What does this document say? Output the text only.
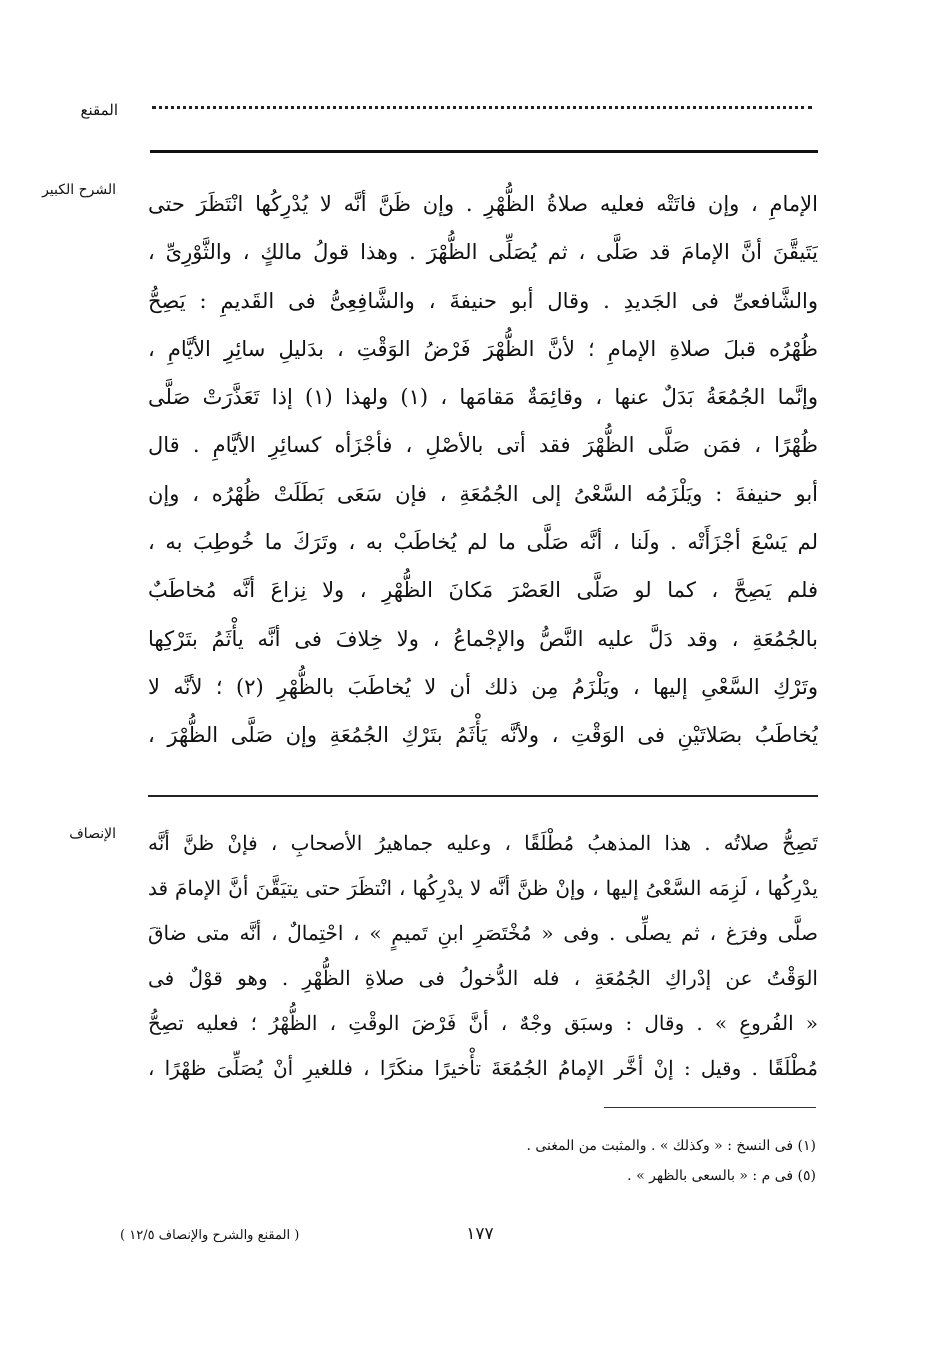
المقنع
الشرح الكبير
الإمامِ ، وإن فاتَتْه فعليه صلاةُ الظُّهْرِ . وإن ظَنَّ أنَّه لا يُدْرِكُها انْتَظَرَ حتى
يَتَيقَّنَ أنَّ الإمامَ قد صَلَّى ، ثم يُصَلِّى الظُّهْرَ . وهذا قولُ مالكٍ ، والثَّوْرِىِّ ،
والشَّافعىِّ فى الجَديدِ . وقال أبو حنيفةَ ، والشَّافِعِىُّ فى القَديمِ : يَصِحُّ
ظُهْرُه قبلَ صلاةِ الإمامِ ؛ لأنَّ الظُّهْرَ فَرْضُ الوَقْتِ ، بدَليلِ سائِرِ الأيَّامِ ،
وإنَّما الجُمُعَةُ بَدَلٌ عنها ، وقائِمَةٌ مَقامَها ، (١) ولهذا (١) إذا تَعَذَّرَتْ صَلَّى
ظُهْرًا ، فمَن صَلَّى الظُّهْرَ فقد أتى بالأصْلِ ، فأجْزَأه كسائِرِ الأيَّامِ . قال
أبو حنيفةَ : ويَلْزَمُه السَّعْىُ إلى الجُمُعَةِ ، فإن سَعَى بَطَلَتْ ظُهْرُه ، وإن
لم يَسْعَ أجْزَأَتْه . ولَنا ، أنَّه صَلَّى ما لم يُخاطَبْ به ، وتَرَكَ ما خُوطِبَ به ،
فلم يَصِحَّ ، كما لو صَلَّى العَصْرَ مَكانَ الظُّهْرِ ، ولا نِزاعَ أنَّه مُخاطَبٌ
بالجُمُعَةِ ، وقد دَلَّ عليه النَّصُّ والإجْماعُ ، ولا خِلافَ فى أنَّه يأْثَمُ بتَرْكِها
وتَرْكِ السَّعْىِ إليها ، ويَلْزَمُ مِن ذلك أن لا يُخاطَبَ بالظُّهْرِ (٢) ؛ لأنَّه لا
يُخاطَبُ بصَلاتَيْنِ فى الوَقْتِ ، ولأنَّه يَأْثَمُ بتَرْكِ الجُمُعَةِ وإن صَلَّى الظُّهْرَ ،
الإنصاف تَصِحُّ صلاتُه . هذا المذهبُ مُطْلَقًا ، وعليه جماهيرُ الأصحابِ ، فإنْ ظنَّ أنَّه
يدْرِكُها ، لَزِمَه السَّعْىُ إليها ، وإنْ ظنَّ أنَّه لا يدْرِكُها ، انْتظَرَ حتى يتيَقَّنَ أنَّ الإمامَ قد
صلَّى وفرَغ ، ثم يصلِّى . وفى « مُخْتَصَرِ ابنِ تَميمٍ » ، احْتِمالٌ ، أنَّه متى ضاقَ
الوَقْتُ عن إدْراكِ الجُمُعَةِ ، فله الدُّخولُ فى صلاةِ الظُّهْرِ . وهو قوْلٌ فى
« الفُروعِ » . وقال : وسبَق وجْهٌ ، أنَّ فَرْضَ الوقْتِ ، الظُّهْرُ ؛ فعليه تصِحُّ
مُطْلَقًا . وقيل : إنْ أخَّر الإمامُ الجُمُعَةَ تأْخيرًا منكَرًا ، فللغيرِ أنْ يُصَلِّىَ ظهْرًا ،
(١) فى النسخ : « وكذلك » . والمثبت من المغنى .
(٥) فى م : « بالسعى بالظهر » .
١٧٧
( المقنع والشرح والإنصاف ١٢/٥ )
